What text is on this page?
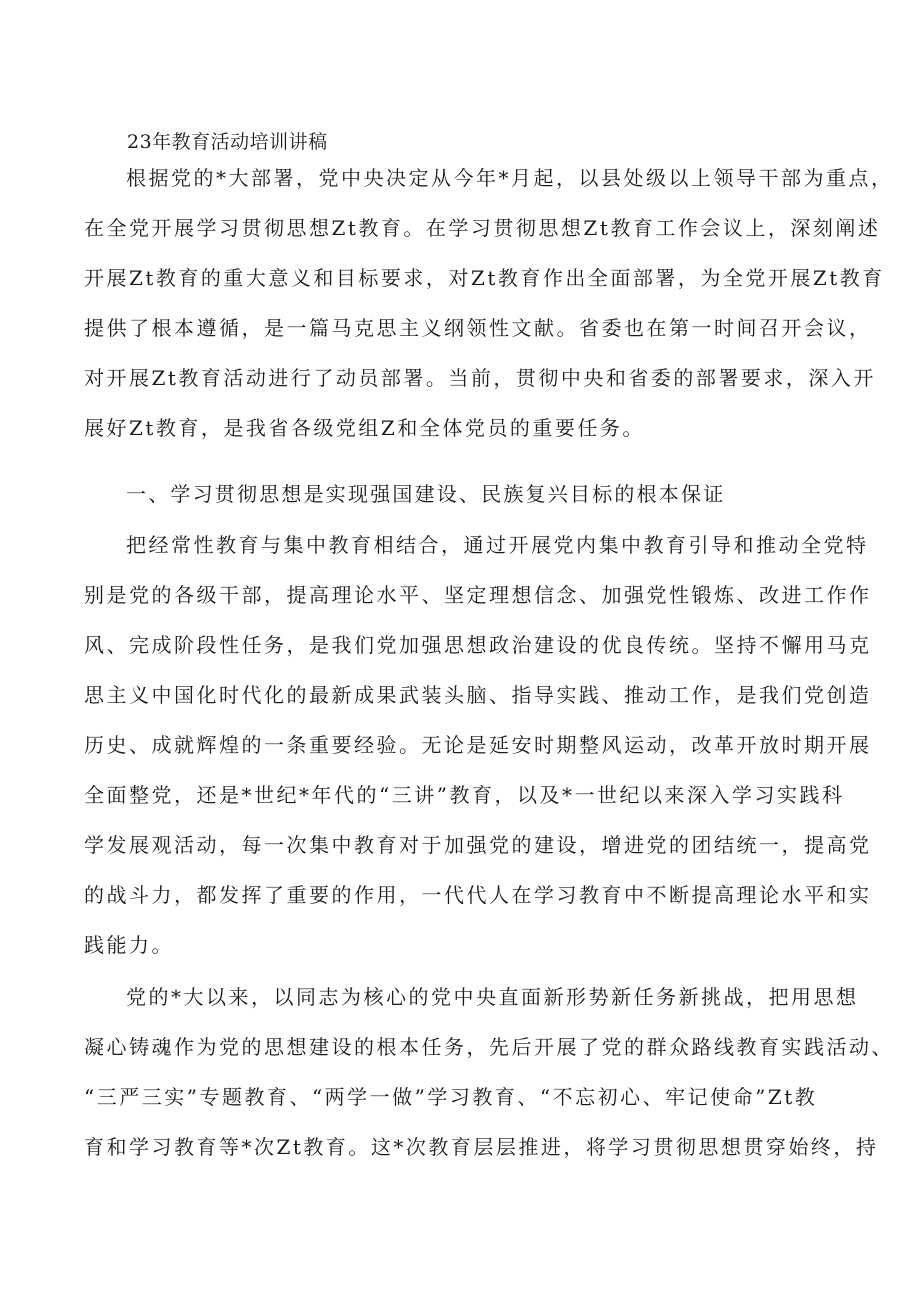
23年教育活动培训讲稿
根据党的*大部署，党中央决定从今年*月起，以县处级以上领导干部为重点，
在全党开展学习贯彻思想Zt教育。在学习贯彻思想Zt教育工作会议上，深刻阐述
开展Zt教育的重大意义和目标要求，对Zt教育作出全面部署，为全党开展Zt教育
提供了根本遵循，是一篇马克思主义纲领性文献。省委也在第一时间召开会议，
对开展Zt教育活动进行了动员部署。当前，贯彻中央和省委的部署要求，深入开
展好Zt教育，是我省各级党组Z和全体党员的重要任务。
一、学习贯彻思想是实现强国建设、民族复兴目标的根本保证
把经常性教育与集中教育相结合，通过开展党内集中教育引导和推动全党特
别是党的各级干部，提高理论水平、坚定理想信念、加强党性锻炼、改进工作作
风、完成阶段性任务，是我们党加强思想政治建设的优良传统。坚持不懈用马克
思主义中国化时代化的最新成果武装头脑、指导实践、推动工作，是我们党创造
历史、成就辉煌的一条重要经验。无论是延安时期整风运动，改革开放时期开展
全面整党，还是*世纪*年代的“三讲”教育，以及*一世纪以来深入学习实践科
学发展观活动，每一次集中教育对于加强党的建设，增进党的团结统一，提高党
的战斗力，都发挥了重要的作用，一代代人在学习教育中不断提高理论水平和实
践能力。
党的*大以来，以同志为核心的党中央直面新形势新任务新挑战，把用思想
凝心铸魂作为党的思想建设的根本任务，先后开展了党的群众路线教育实践活动、
“三严三实”专题教育、“两学一做”学习教育、“不忘初心、牢记使命”Zt教
育和学习教育等*次Zt教育。这*次教育层层推进，将学习贯彻思想贯穿始终，持
